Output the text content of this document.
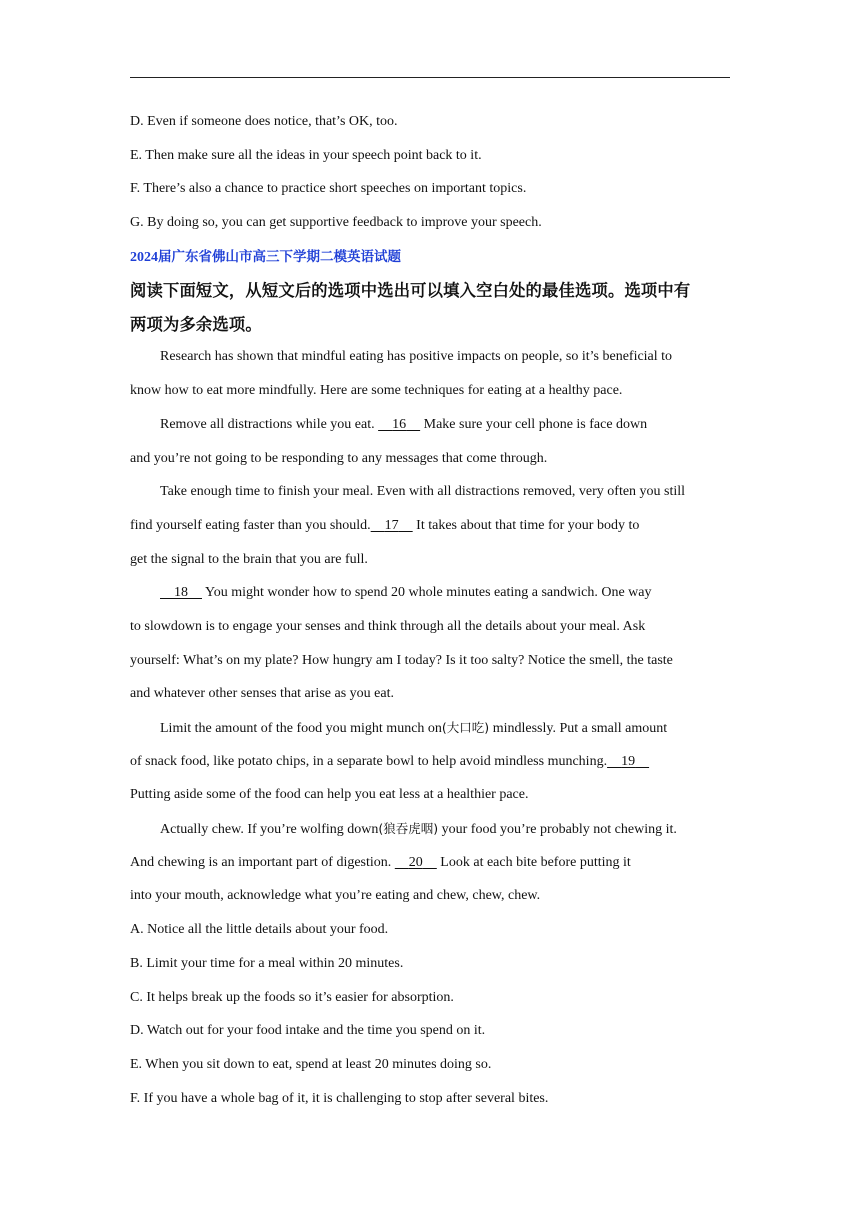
D. Even if someone does notice, that’s OK, too.
E. Then make sure all the ideas in your speech point back to it.
F. There’s also a chance to practice short speeches on important topics.
G. By doing so, you can get supportive feedback to improve your speech.
2024届广东省佛山市高三下学期二模英语试题
阅读下面短文，从短文后的选项中选出可以填入空白处的最佳选项。选项中有
两项为多余选项。
Research has shown that mindful eating has positive impacts on people, so it’s beneficial to
know how to eat more mindfully. Here are some techniques for eating at a healthy pace.
Remove all distractions while you eat.     16     Make sure your cell phone is face down
and you’re not going to be responding to any messages that come through.
Take enough time to finish your meal. Even with all distractions removed, very often you still
find yourself eating faster than you should. 17     It takes about that time for your body to
get the signal to the brain that you are full.
18     You might wonder how to spend 20 whole minutes eating a sandwich. One way
to slowdown is to engage your senses and think through all the details about your meal. Ask
yourself: What’s on my plate? How hungry am I today? Is it too salty? Notice the smell, the taste
and whatever other senses that arise as you eat.
Limit the amount of the food you might munch on(大口吃) mindlessly. Put a small amount
of snack food, like potato chips, in a separate bowl to help avoid mindless munching. 19
Putting aside some of the food can help you eat less at a healthier pace.
Actually chew. If you’re wolfing down(狼吞虎咽) your food you’re probably not chewing it.
And chewing is an important part of digestion.     20     Look at each bite before putting it
into your mouth, acknowledge what you’re eating and chew, chew, chew.
A. Notice all the little details about your food.
B. Limit your time for a meal within 20 minutes.
C. It helps break up the foods so it’s easier for absorption.
D. Watch out for your food intake and the time you spend on it.
E. When you sit down to eat, spend at least 20 minutes doing so.
F. If you have a whole bag of it, it is challenging to stop after several bites.
